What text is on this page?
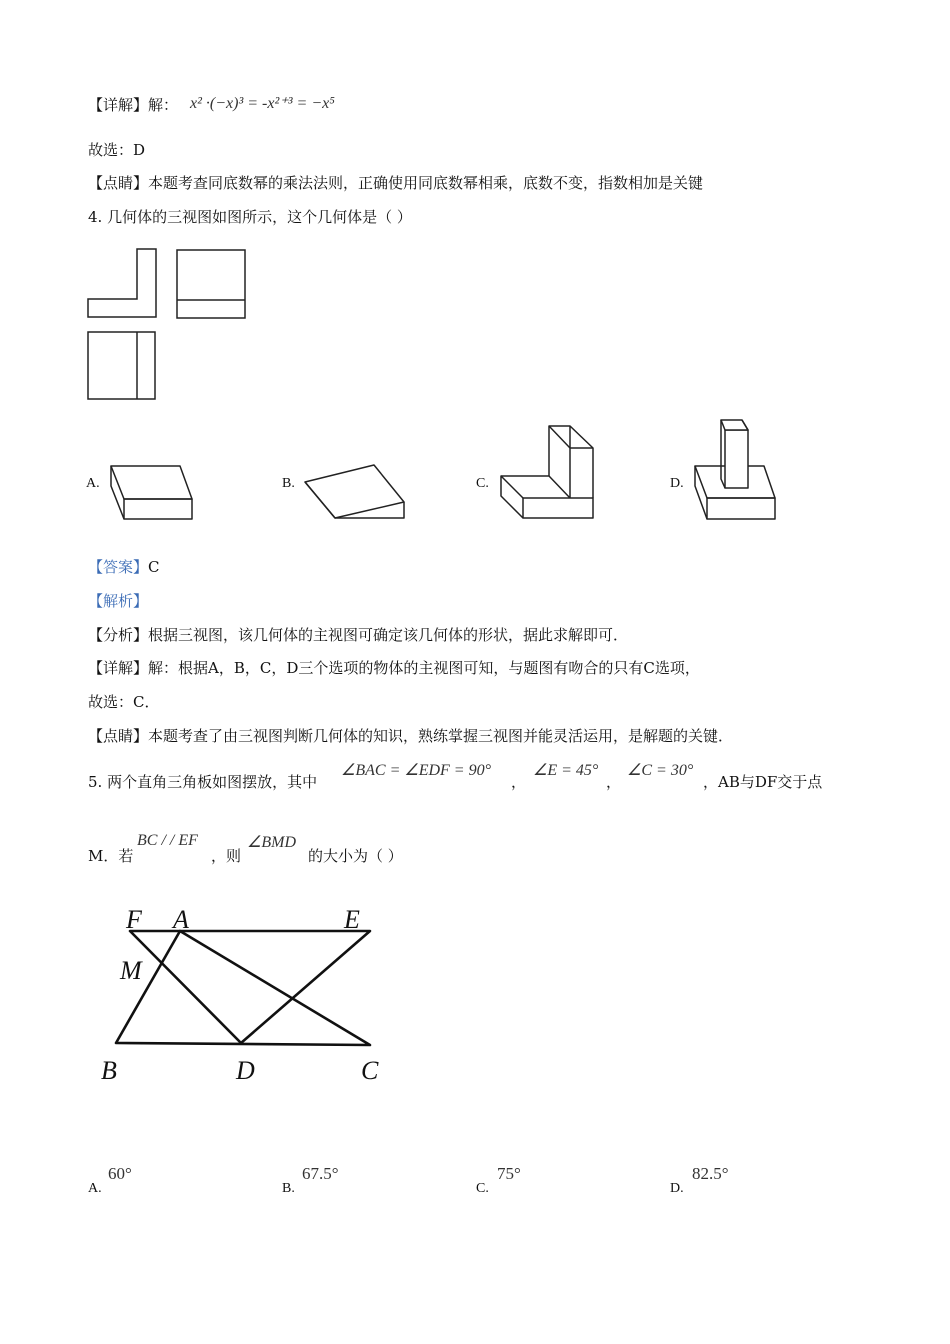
【详解】解： x² ·(−x)³ = -x²⁺³ = −x⁵
故选：D
【点睛】本题考查同底数幂的乘法法则，正确使用同底数幂相乘，底数不变，指数相加是关键
4. 几何体的三视图如图所示，这个几何体是（ ）
A.	B.	C.	D.
【答案】C
【解析】
【分析】根据三视图，该几何体的主视图可确定该几何体的形状，据此求解即可．
【详解】解：根据A，B，C，D三个选项的物体的主视图可知，与题图有吻合的只有C选项，
故选：C．
【点睛】本题考查了由三视图判断几何体的知识，熟练掌握三视图并能灵活运用，是解题的关键．
5. 两个直角三角板如图摆放，其中
∠BAC = ∠EDF = 90°
，
∠E = 45°
，
∠C = 30°
，AB与DF交于点
M．若
BC / / EF
，则
∠BMD
的大小为（ ）
F A	E
M
B	D	C
A.
60°
B.
67.5°
C.
75°
D.
82.5°
